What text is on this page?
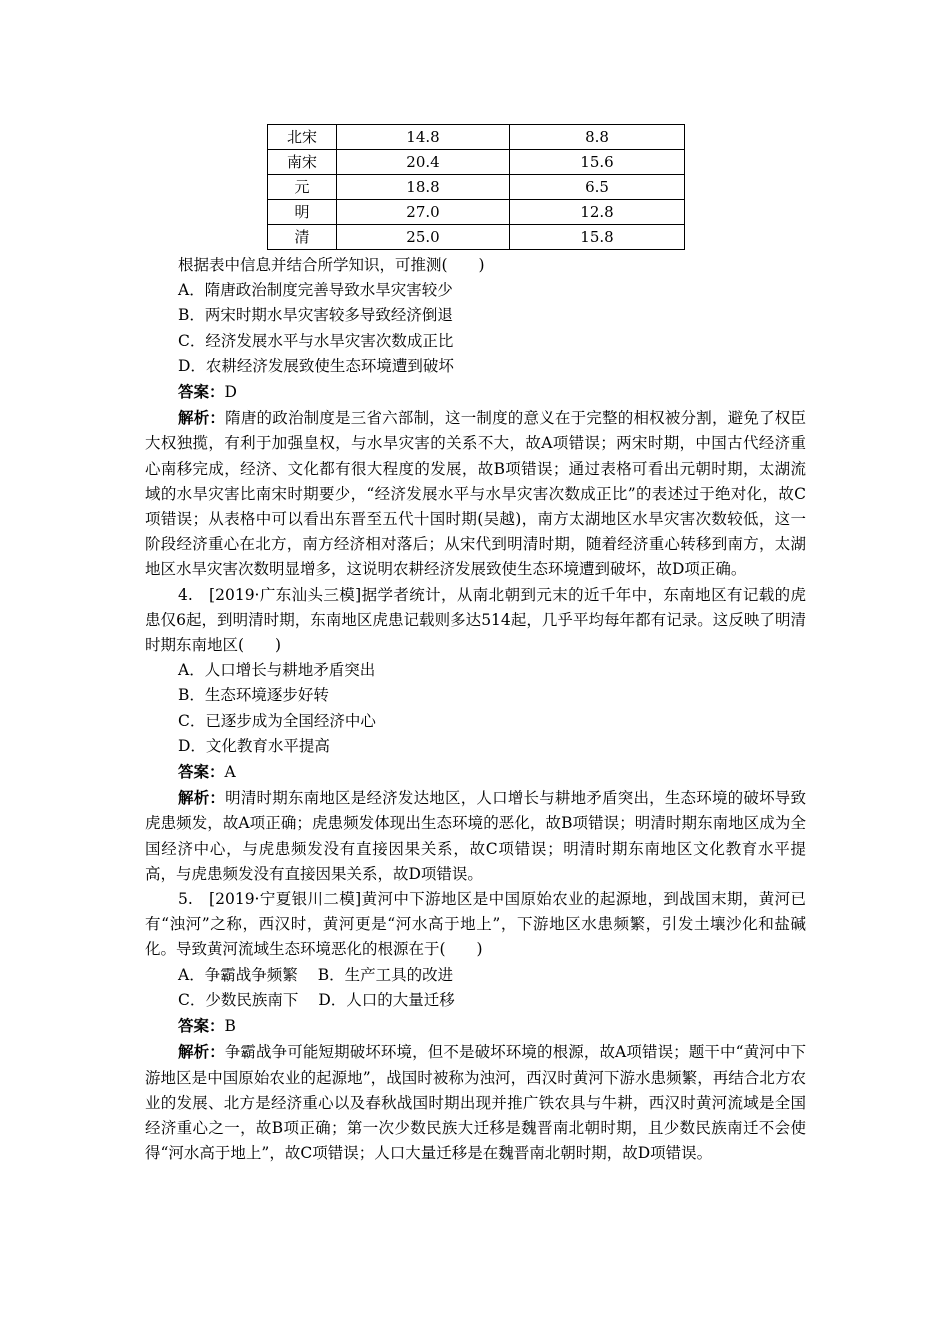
北宋	14.8	8.8
南宋	20.4	15.6
元	18.8	6.5
明	27.0	12.8
清	25.0	15.8

根据表中信息并结合所学知识，可推测(　　)

A．隋唐政治制度完善导致水旱灾害较少

B．两宋时期水旱灾害较多导致经济倒退

C．经济发展水平与水旱灾害次数成正比

D．农耕经济发展致使生态环境遭到破坏

答案：D

解析：隋唐的政治制度是三省六部制，这一制度的意义在于完整的相权被分割，避免了权臣大权独揽，有利于加强皇权，与水旱灾害的关系不大，故A项错误；两宋时期，中国古代经济重心南移完成，经济、文化都有很大程度的发展，故B项错误；通过表格可看出元朝时期，太湖流域的水旱灾害比南宋时期要少，“经济发展水平与水旱灾害次数成正比”的表述过于绝对化，故C项错误；从表格中可以看出东晋至五代十国时期(吴越)，南方太湖地区水旱灾害次数较低，这一阶段经济重心在北方，南方经济相对落后；从宋代到明清时期，随着经济重心转移到南方，太湖地区水旱灾害次数明显增多，这说明农耕经济发展致使生态环境遭到破坏，故D项正确。

4.　[2019·广东汕头三模]据学者统计，从南北朝到元末的近千年中，东南地区有记载的虎患仅6起，到明清时期，东南地区虎患记载则多达514起，几乎平均每年都有记录。这反映了明清时期东南地区(　　)

A．人口增长与耕地矛盾突出

B．生态环境逐步好转

C．已逐步成为全国经济中心

D．文化教育水平提高

答案：A

解析：明清时期东南地区是经济发达地区，人口增长与耕地矛盾突出，生态环境的破坏导致虎患频发，故A项正确；虎患频发体现出生态环境的恶化，故B项错误；明清时期东南地区成为全国经济中心，与虎患频发没有直接因果关系，故C项错误；明清时期东南地区文化教育水平提高，与虎患频发没有直接因果关系，故D项错误。

5.　[2019·宁夏银川二模]黄河中下游地区是中国原始农业的起源地，到战国末期，黄河已有“浊河”之称，西汉时，黄河更是“河水高于地上”，下游地区水患频繁，引发土壤沙化和盐碱化。导致黄河流域生态环境恶化的根源在于(　　)

A．争霸战争频繁 B．生产工具的改进

C．少数民族南下 D．人口的大量迁移

答案：B

解析：争霸战争可能短期破坏环境，但不是破坏环境的根源，故A项错误；题干中“黄河中下游地区是中国原始农业的起源地”，战国时被称为浊河，西汉时黄河下游水患频繁，再结合北方农业的发展、北方是经济重心以及春秋战国时期出现并推广铁农具与牛耕，西汉时黄河流域是全国经济重心之一，故B项正确；第一次少数民族大迁移是魏晋南北朝时期，且少数民族南迁不会使得“河水高于地上”，故C项错误；人口大量迁移是在魏晋南北朝时期，故D项错误。
